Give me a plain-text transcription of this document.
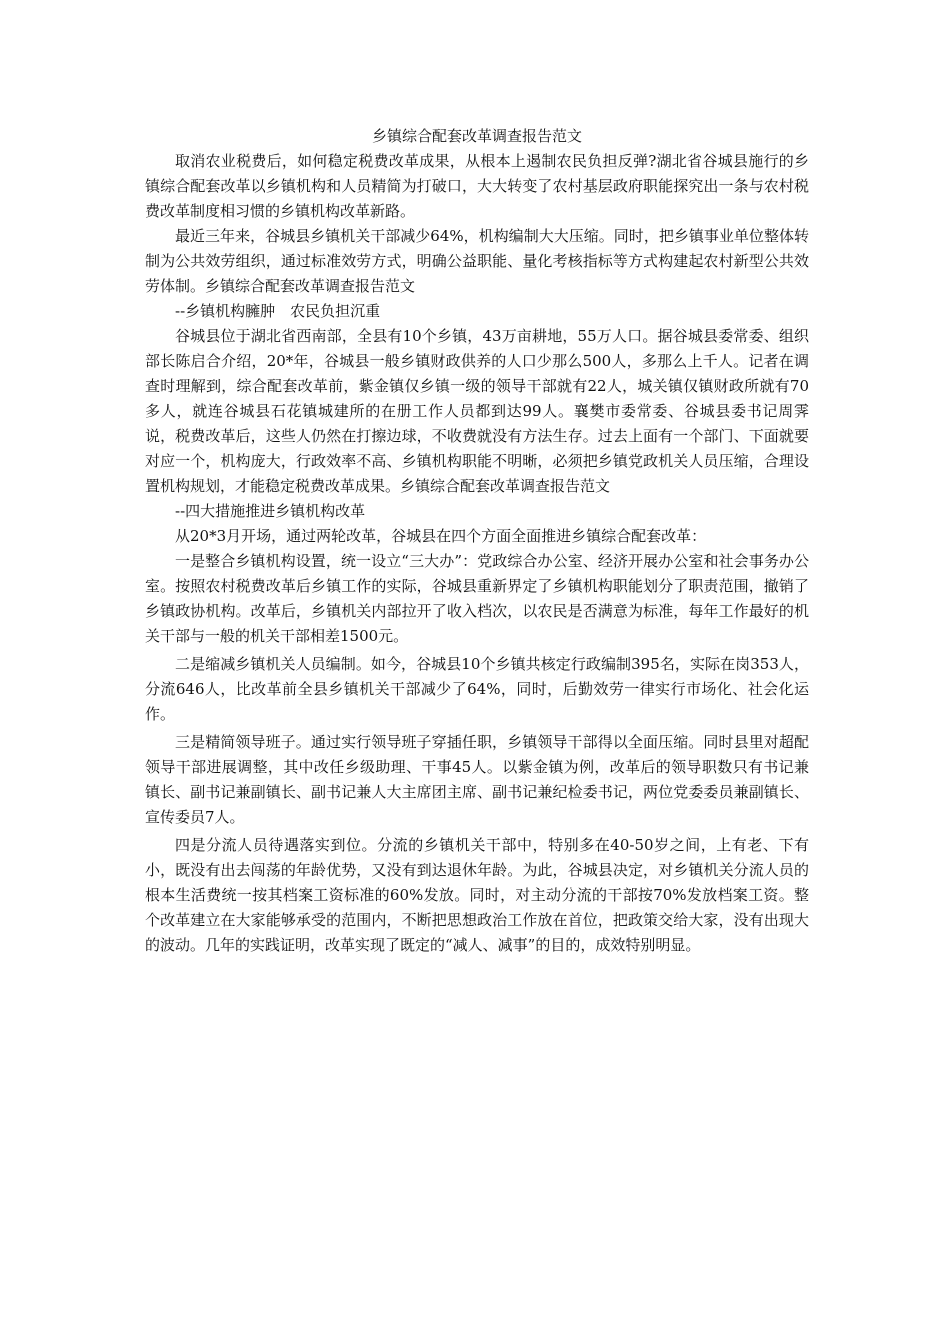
乡镇综合配套改革调查报告范文

取消农业税费后，如何稳定税费改革成果，从根本上遏制农民负担反弹?湖北省谷城县施行的乡镇综合配套改革以乡镇机构和人员精简为打破口，大大转变了农村基层政府职能探究出一条与农村税费改革制度相习惯的乡镇机构改革新路。

最近三年来，谷城县乡镇机关干部减少64%，机构编制大大压缩。同时，把乡镇事业单位整体转制为公共效劳组织，通过标准效劳方式，明确公益职能、量化考核指标等方式构建起农村新型公共效劳体制。乡镇综合配套改革调查报告范文

--乡镇机构臃肿　农民负担沉重

谷城县位于湖北省西南部，全县有10个乡镇，43万亩耕地，55万人口。据谷城县委常委、组织部长陈启合介绍，20*年，谷城县一般乡镇财政供养的人口少那么500人，多那么上千人。记者在调查时理解到，综合配套改革前，紫金镇仅乡镇一级的领导干部就有22人，城关镇仅镇财政所就有70多人，就连谷城县石花镇城建所的在册工作人员都到达99人。襄樊市委常委、谷城县委书记周霁说，税费改革后，这些人仍然在打擦边球，不收费就没有方法生存。过去上面有一个部门、下面就要对应一个，机构庞大，行政效率不高、乡镇机构职能不明晰，必须把乡镇党政机关人员压缩，合理设置机构规划，才能稳定税费改革成果。乡镇综合配套改革调查报告范文

--四大措施推进乡镇机构改革

从20*3月开场，通过两轮改革，谷城县在四个方面全面推进乡镇综合配套改革：

一是整合乡镇机构设置，统一设立“三大办”：党政综合办公室、经济开展办公室和社会事务办公室。按照农村税费改革后乡镇工作的实际，谷城县重新界定了乡镇机构职能划分了职责范围，撤销了乡镇政协机构。改革后，乡镇机关内部拉开了收入档次，以农民是否满意为标准，每年工作最好的机关干部与一般的机关干部相差1500元。

二是缩减乡镇机关人员编制。如今，谷城县10个乡镇共核定行政编制395名，实际在岗353人，分流646人，比改革前全县乡镇机关干部减少了64%，同时，后勤效劳一律实行市场化、社会化运作。

三是精简领导班子。通过实行领导班子穿插任职，乡镇领导干部得以全面压缩。同时县里对超配领导干部进展调整，其中改任乡级助理、干事45人。以紫金镇为例，改革后的领导职数只有书记兼镇长、副书记兼副镇长、副书记兼人大主席团主席、副书记兼纪检委书记，两位党委委员兼副镇长、宣传委员7人。

四是分流人员待遇落实到位。分流的乡镇机关干部中，特别多在40-50岁之间，上有老、下有小，既没有出去闯荡的年龄优势，又没有到达退休年龄。为此，谷城县决定，对乡镇机关分流人员的根本生活费统一按其档案工资标准的60%发放。同时，对主动分流的干部按70%发放档案工资。整个改革建立在大家能够承受的范围内，不断把思想政治工作放在首位，把政策交给大家，没有出现大的波动。几年的实践证明，改革实现了既定的“减人、减事”的目的，成效特别明显。
